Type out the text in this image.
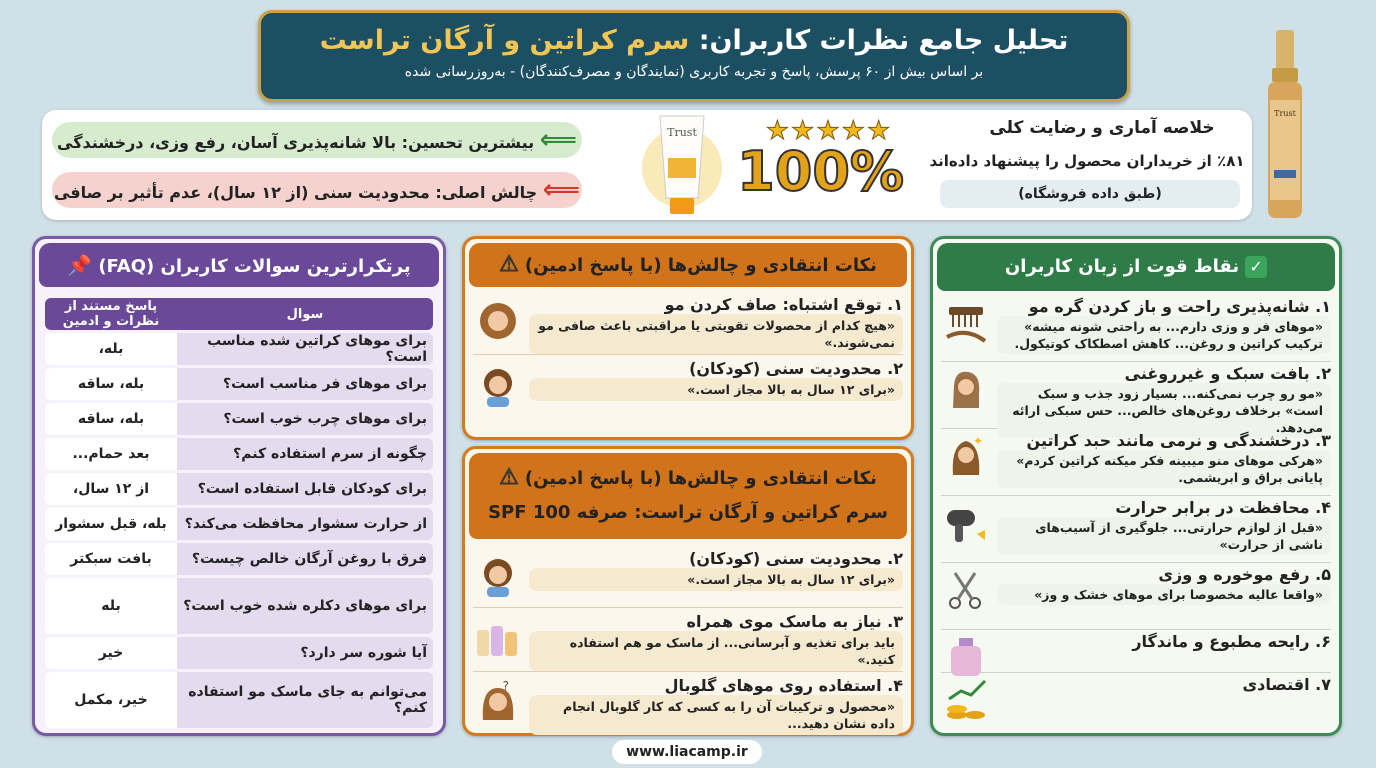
تحلیل جامع نظرات کاربران: سرم کراتین و آرگان تراست
بر اساس بیش از ۶۰ پرسش، پاسخ و تجربه کاربری (نمایندگان و مصرف‌کنندگان) - به‌روزرسانی شده
Trust
خلاصه آماری و رضایت کلی
٪۸۱ از خریداران محصول را پیشنهاد داده‌اند
(طبق داده فروشگاه)
★★★★★
100%
Trust
⟸ بیشترین تحسین: بالا شانه‌پذیری آسان، رفع وزی، درخشندگی
⟸ چالش اصلی: محدودیت سنی (از ۱۲ سال)، عدم تأثیر بر صافی
✓نقاط قوت از زبان کاربران
۱. شانه‌پذیری راحت و باز کردن گره مو
«موهای فر و وزی دارم... به راحتی شونه میشه» ترکیب کراتین و روغن... کاهش اصطکاک کوتیکول.
۲. بافت سبک و غیرروغنی
«مو رو چرب نمی‌کنه... بسیار زود جذب و سبک است» برخلاف روغن‌های خالص... حس سبکی ارائه می‌دهد.
۳. درخشندگی و نرمی مانند حبد کراتین
«هرکی موهای منو میبینه فکر میکنه کراتین کردم» پایانی براق و ابریشمی.
✦
۴. محافظت در برابر حرارت
«قبل از لوازم حرارتی... جلوگیری از آسیب‌های ناشی از حرارت»
۵. رفع موخوره و وزی
«واقعا عالیه مخصوصا برای موهای خشک و وز»
۶. رایحه مطبوع و ماندگار
۷. اقتصادی
نکات انتقادی و چالش‌ها (با پاسخ ادمین)⚠
۱. توقع اشتباه: صاف کردن مو
«هیچ کدام از محصولات تقویتی یا مراقبتی باعث صافی مو نمی‌شوند.»
۲. محدودیت سنی (کودکان)
«برای ۱۲ سال به بالا مجاز است.»
نکات انتقادی و چالش‌ها (با پاسخ ادمین)⚠
سرم کراتین و آرگان تراست: صرفه SPF 100
۲. محدودیت سنی (کودکان)
«برای ۱۲ سال به بالا مجاز است.»
۳. نیاز به ماسک موی همراه
باید برای تغذیه و آبرسانی... از ماسک مو هم استفاده کنید.»
۴. استفاده روی موهای گلوبال
«محصول و ترکیبات آن را به کسی که کار گلوبال انجام داده نشان دهید...
?
پرتکرارترین سوالات کاربران (FAQ)📌
سوال	پاسخ مستند از نظرات و ادمین
برای موهای کراتین شده مناسب است؟	بله،
برای موهای فر مناسب است؟	بله، ساقه
برای موهای چرب خوب است؟	بله، ساقه
چگونه از سرم استفاده کنم؟	بعد حمام...
برای کودکان قابل استفاده است؟	از ۱۲ سال،
از حرارت سشوار محافظت می‌کند؟	بله، قبل سشوار
فرق با روغن آرگان خالص چیست؟	بافت سبکتر
برای موهای دکلره شده خوب است؟	بله
آیا شوره سر دارد؟	خیر
می‌توانم به جای ماسک مو استفاده کنم؟	خیر، مکمل
www.liacamp.ir
